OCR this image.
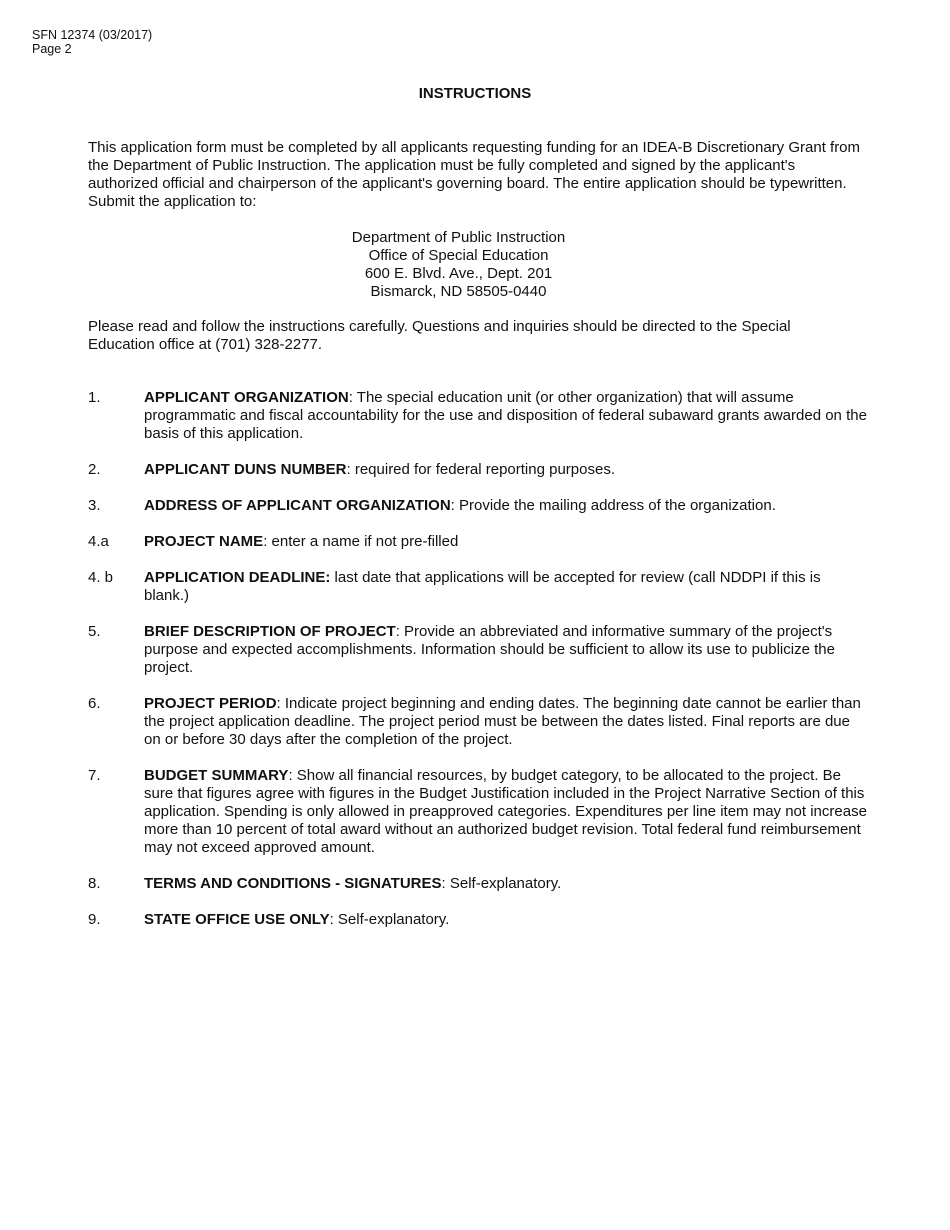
SFN 12374 (03/2017)
Page 2
INSTRUCTIONS
This application form must be completed by all applicants requesting funding for an IDEA-B Discretionary Grant from the Department of Public Instruction. The application must be fully completed and signed by the applicant's authorized official and chairperson of the applicant's governing board. The entire application should be typewritten. Submit the application to:
Department of Public Instruction
Office of Special Education
600 E. Blvd. Ave., Dept. 201
Bismarck, ND 58505-0440
Please read and follow the instructions carefully. Questions and inquiries should be directed to the Special Education office at (701) 328-2277.
1.	APPLICANT ORGANIZATION: The special education unit (or other organization) that will assume programmatic and fiscal accountability for the use and disposition of federal subaward grants awarded on the basis of this application.
2.	APPLICANT DUNS NUMBER: required for federal reporting purposes.
3.	ADDRESS OF APPLICANT ORGANIZATION: Provide the mailing address of the organization.
4.a PROJECT NAME: enter a name if not pre-filled
4. b APPLICATION DEADLINE: last date that applications will be accepted for review (call NDDPI if this is blank.)
5.	BRIEF DESCRIPTION OF PROJECT: Provide an abbreviated and informative summary of the project's purpose and expected accomplishments. Information should be sufficient to allow its use to publicize the project.
6.	PROJECT PERIOD: Indicate project beginning and ending dates. The beginning date cannot be earlier than the project application deadline. The project period must be between the dates listed. Final reports are due on or before 30 days after the completion of the project.
7.	BUDGET SUMMARY: Show all financial resources, by budget category, to be allocated to the project. Be sure that figures agree with figures in the Budget Justification included in the Project Narrative Section of this application. Spending is only allowed in preapproved categories. Expenditures per line item may not increase more than 10 percent of total award without an authorized budget revision. Total federal fund reimbursement may not exceed approved amount.
8.	TERMS AND CONDITIONS - SIGNATURES: Self-explanatory.
9.	STATE OFFICE USE ONLY: Self-explanatory.
